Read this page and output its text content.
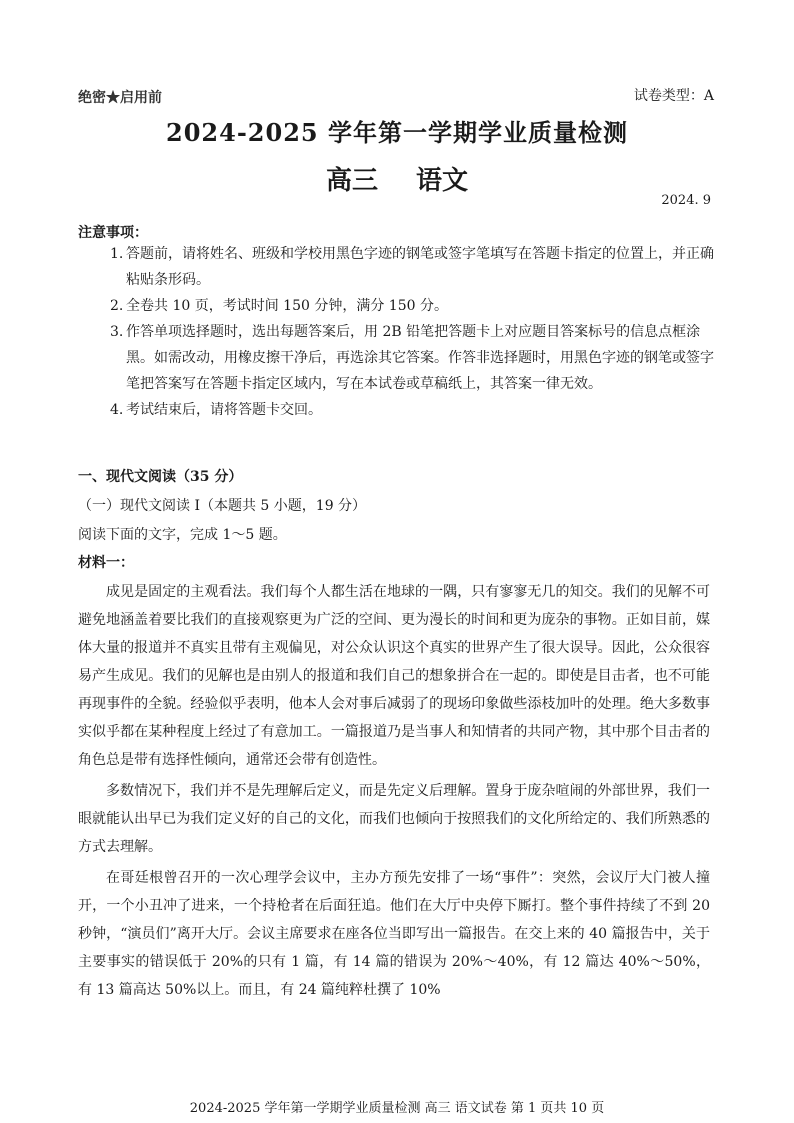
绝密★启用前	试卷类型：A
2024-2025 学年第一学期学业质量检测
高三 语文
2024. 9
注意事项：
1. 答题前，请将姓名、班级和学校用黑色字迹的钢笔或签字笔填写在答题卡指定的位置上，并正确粘贴条形码。
2. 全卷共 10 页，考试时间 150 分钟，满分 150 分。
3. 作答单项选择题时，选出每题答案后，用 2B 铅笔把答题卡上对应题目答案标号的信息点框涂黑。如需改动，用橡皮擦干净后，再选涂其它答案。作答非选择题时，用黑色字迹的钢笔或签字笔把答案写在答题卡指定区域内，写在本试卷或草稿纸上，其答案一律无效。
4. 考试结束后，请将答题卡交回。
一、现代文阅读（35 分）
（一）现代文阅读 I（本题共 5 小题，19 分）
阅读下面的文字，完成 1～5 题。
材料一：

成见是固定的主观看法。我们每个人都生活在地球的一隅，只有寥寥无几的知交。我们的见解不可避免地涵盖着要比我们的直接观察更为广泛的空间、更为漫长的时间和更为庞杂的事物。正如目前，媒体大量的报道并不真实且带有主观偏见，对公众认识这个真实的世界产生了很大误导。因此，公众很容易产生成见。我们的见解也是由别人的报道和我们自己的想象拼合在一起的。即使是目击者，也不可能再现事件的全貌。经验似乎表明，他本人会对事后减弱了的现场印象做些添枝加叶的处理。绝大多数事实似乎都在某种程度上经过了有意加工。一篇报道乃是当事人和知情者的共同产物，其中那个目击者的角色总是带有选择性倾向，通常还会带有创造性。

多数情况下，我们并不是先理解后定义，而是先定义后理解。置身于庞杂喧闹的外部世界，我们一眼就能认出早已为我们定义好的自己的文化，而我们也倾向于按照我们的文化所给定的、我们所熟悉的方式去理解。

在哥廷根曾召开的一次心理学会议中，主办方预先安排了一场“事件”：突然，会议厅大门被人撞开，一个小丑冲了进来，一个持枪者在后面狂追。他们在大厅中央停下厮打。整个事件持续了不到 20 秒钟，“演员们”离开大厅。会议主席要求在座各位当即写出一篇报告。在交上来的 40 篇报告中，关于主要事实的错误低于 20%的只有 1 篇，有 14 篇的错误为 20%～40%，有 12 篇达 40%～50%，有 13 篇高达 50%以上。而且，有 24 篇纯粹杜撰了 10%

2024-2025 学年第一学期学业质量检测 高三 语文试卷 第 1 页共 10 页
